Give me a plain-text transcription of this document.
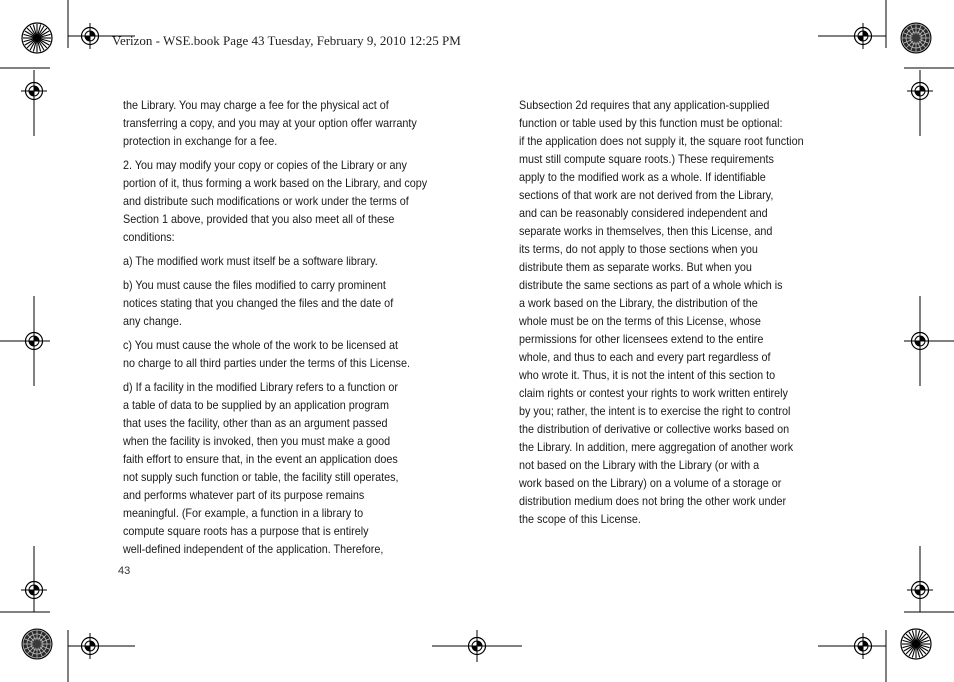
Verizon - WSE.book Page 43 Tuesday, February 9, 2010 12:25 PM

the Library. You may charge a fee for the physical act of
transferring a copy, and you may at your option offer warranty
protection in exchange for a fee.

2. You may modify your copy or copies of the Library or any
portion of it, thus forming a work based on the Library, and copy
and distribute such modifications or work under the terms of
Section 1 above, provided that you also meet all of these
conditions:

a) The modified work must itself be a software library.

b) You must cause the files modified to carry prominent
notices stating that you changed the files and the date of
any change.

c) You must cause the whole of the work to be licensed at
no charge to all third parties under the terms of this License.

d) If a facility in the modified Library refers to a function or
a table of data to be supplied by an application program
that uses the facility, other than as an argument passed
when the facility is invoked, then you must make a good
faith effort to ensure that, in the event an application does
not supply such function or table, the facility still operates,
and performs whatever part of its purpose remains
meaningful. (For example, a function in a library to
compute square roots has a purpose that is entirely
well-defined independent of the application. Therefore,

Subsection 2d requires that any application-supplied
function or table used by this function must be optional:
if the application does not supply it, the square root function
must still compute square roots.) These requirements
apply to the modified work as a whole. If identifiable
sections of that work are not derived from the Library,
and can be reasonably considered independent and
separate works in themselves, then this License, and
its terms, do not apply to those sections when you
distribute them as separate works. But when you
distribute the same sections as part of a whole which is
a work based on the Library, the distribution of the
whole must be on the terms of this License, whose
permissions for other licensees extend to the entire
whole, and thus to each and every part regardless of
who wrote it. Thus, it is not the intent of this section to
claim rights or contest your rights to work written entirely
by you; rather, the intent is to exercise the right to control
the distribution of derivative or collective works based on
the Library. In addition, mere aggregation of another work
not based on the Library with the Library (or with a
work based on the Library) on a volume of a storage or
distribution medium does not bring the other work under
the scope of this License.

43
